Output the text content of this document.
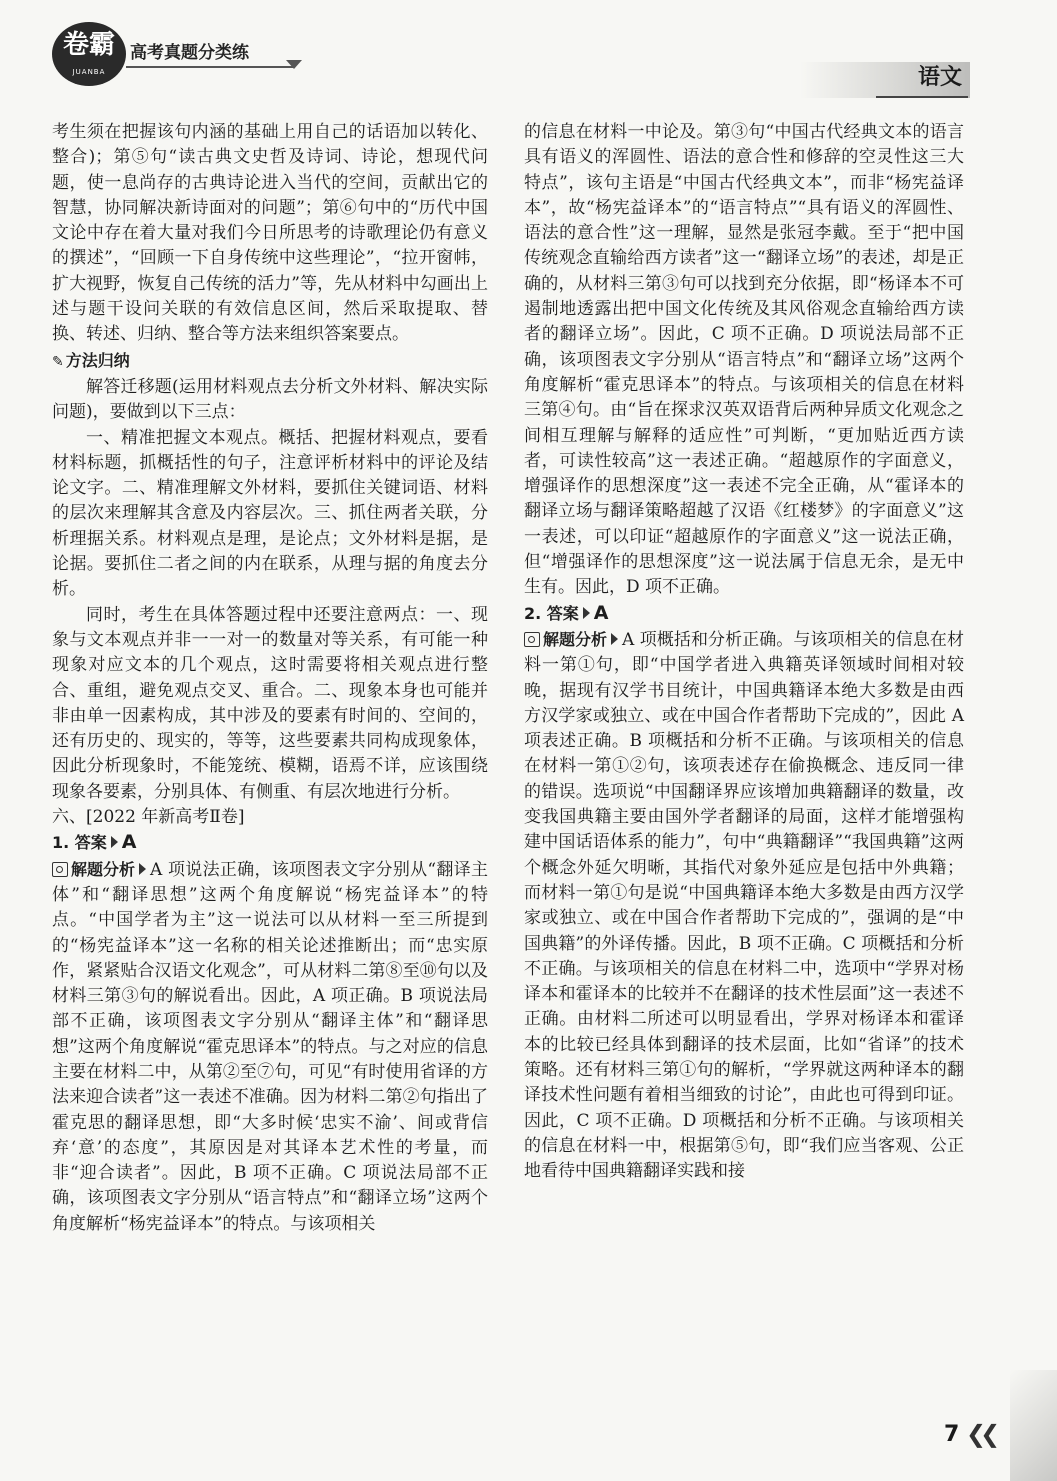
卷霸
JUANBA
高考真题分类练
语文

考生须在把握该句内涵的基础上用自己的话语加以转化、整合)；第⑤句“读古典文史哲及诗词、诗论，想现代问题，使一息尚存的古典诗论进入当代的空间，贡献出它的智慧，协同解决新诗面对的问题”；第⑥句中的“历代中国文论中存在着大量对我们今日所思考的诗歌理论仍有意义的撰述”，“回顾一下自身传统中这些理论”，“拉开窗帏，扩大视野，恢复自己传统的活力”等，先从材料中勾画出上述与题干设问关联的有效信息区间，然后采取提取、替换、转述、归纳、整合等方法来组织答案要点。

✎ 方法归纳

解答迁移题(运用材料观点去分析文外材料、解决实际问题)，要做到以下三点：

一、精准把握文本观点。概括、把握材料观点，要看材料标题，抓概括性的句子，注意评析材料中的评论及结论文字。二、精准理解文外材料，要抓住关键词语、材料的层次来理解其含意及内容层次。三、抓住两者关联，分析理据关系。材料观点是理，是论点；文外材料是据，是论据。要抓住二者之间的内在联系，从理与据的角度去分析。

同时，考生在具体答题过程中还要注意两点：一、现象与文本观点并非一一对一的数量对等关系，有可能一种现象对应文本的几个观点，这时需要将相关观点进行整合、重组，避免观点交叉、重合。二、现象本身也可能并非由单一因素构成，其中涉及的要素有时间的、空间的，还有历史的、现实的，等等，这些要素共同构成现象体，因此分析现象时，不能笼统、模糊，语焉不详，应该围绕现象各要素，分别具体、有侧重、有层次地进行分析。

六、[2022 年新高考Ⅱ卷]

1. 答案 A

解题分析 A 项说法正确，该项图表文字分别从“翻译主体”和“翻译思想”这两个角度解说“杨宪益译本”的特点。“中国学者为主”这一说法可以从材料一至三所提到的“杨宪益译本”这一名称的相关论述推断出；而“忠实原作，紧紧贴合汉语文化观念”，可从材料二第⑧至⑩句以及材料三第③句的解说看出。因此，A 项正确。B 项说法局部不正确，该项图表文字分别从“翻译主体”和“翻译思想”这两个角度解说“霍克思译本”的特点。与之对应的信息主要在材料二中，从第②至⑦句，可见“有时使用省译的方法来迎合读者”这一表述不准确。因为材料二第②句指出了霍克思的翻译思想，即“大多时候‘忠实不渝’、间或背信弃‘意’的态度”，其原因是对其译本艺术性的考量，而非“迎合读者”。因此，B 项不正确。C 项说法局部不正确，该项图表文字分别从“语言特点”和“翻译立场”这两个角度解析“杨宪益译本”的特点。与该项相关

的信息在材料一中论及。第③句“中国古代经典文本的语言具有语义的浑圆性、语法的意合性和修辞的空灵性这三大特点”，该句主语是“中国古代经典文本”，而非“杨宪益译本”，故“杨宪益译本”的“语言特点”“具有语义的浑圆性、语法的意合性”这一理解，显然是张冠李戴。至于“把中国传统观念直输给西方读者”这一“翻译立场”的表述，却是正确的，从材料三第③句可以找到充分依据，即“杨译本不可遏制地透露出把中国文化传统及其风俗观念直输给西方读者的翻译立场”。因此，C 项不正确。D 项说法局部不正确，该项图表文字分别从“语言特点”和“翻译立场”这两个角度解析“霍克思译本”的特点。与该项相关的信息在材料三第④句。由“旨在探求汉英双语背后两种异质文化观念之间相互理解与解释的适应性”可判断，“更加贴近西方读者，可读性较高”这一表述正确。“超越原作的字面意义，增强译作的思想深度”这一表述不完全正确，从“霍译本的翻译立场与翻译策略超越了汉语《红楼梦》的字面意义”这一表述，可以印证“超越原作的字面意义”这一说法正确，但“增强译作的思想深度”这一说法属于信息无余，是无中生有。因此，D 项不正确。

2. 答案 A

解题分析 A 项概括和分析正确。与该项相关的信息在材料一第①句，即“中国学者进入典籍英译领域时间相对较晚，据现有汉学书目统计，中国典籍译本绝大多数是由西方汉学家或独立、或在中国合作者帮助下完成的”，因此 A 项表述正确。B 项概括和分析不正确。与该项相关的信息在材料一第①②句，该项表述存在偷换概念、违反同一律的错误。选项说“中国翻译界应该增加典籍翻译的数量，改变我国典籍主要由国外学者翻译的局面，这样才能增强构建中国话语体系的能力”，句中“典籍翻译”“我国典籍”这两个概念外延欠明晰，其指代对象外延应是包括中外典籍；而材料一第①句是说“中国典籍译本绝大多数是由西方汉学家或独立、或在中国合作者帮助下完成的”，强调的是“中国典籍”的外译传播。因此，B 项不正确。C 项概括和分析不正确。与该项相关的信息在材料二中，选项中“学界对杨译本和霍译本的比较并不在翻译的技术性层面”这一表述不正确。由材料二所述可以明显看出，学界对杨译本和霍译本的比较已经具体到翻译的技术层面，比如“省译”的技术策略。还有材料三第①句的解析，“学界就这两种译本的翻译技术性问题有着相当细致的讨论”，由此也可得到印证。因此，C 项不正确。D 项概括和分析不正确。与该项相关的信息在材料一中，根据第⑤句，即“我们应当客观、公正地看待中国典籍翻译实践和接

7 ❮❮
